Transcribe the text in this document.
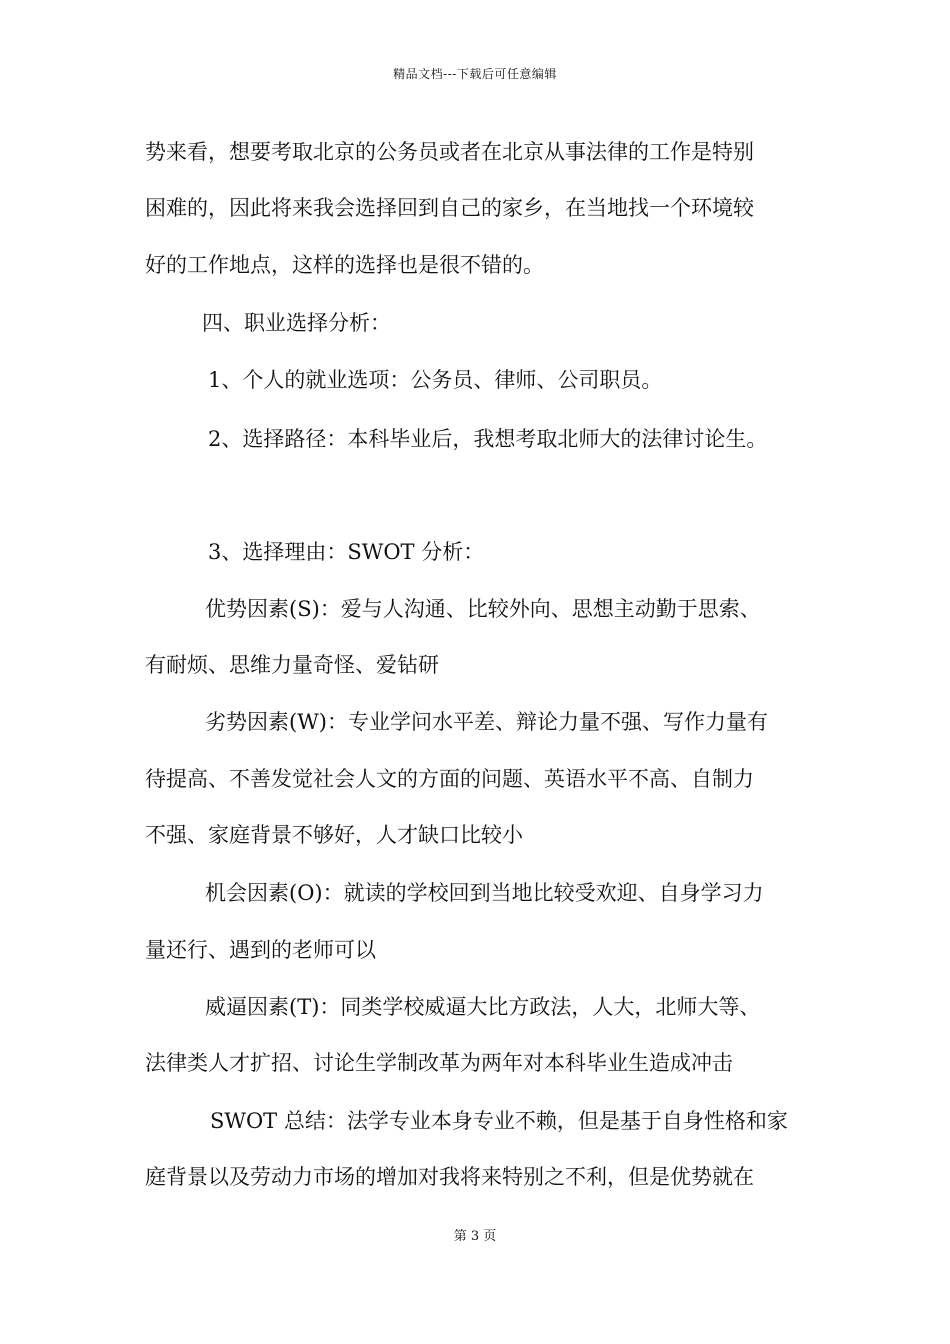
精品文档---下载后可任意编辑
势来看，想要考取北京的公务员或者在北京从事法律的工作是特别
困难的，因此将来我会选择回到自己的家乡，在当地找一个环境较
好的工作地点，这样的选择也是很不错的。
四、职业选择分析：
1、个人的就业选项：公务员、律师、公司职员。
2、选择路径：本科毕业后，我想考取北师大的法律讨论生。
3、选择理由：SWOT 分析：
优势因素(S)：爱与人沟通、比较外向、思想主动勤于思索、
有耐烦、思维力量奇怪、爱钻研
劣势因素(W)：专业学问水平差、辩论力量不强、写作力量有
待提高、不善发觉社会人文的方面的问题、英语水平不高、自制力
不强、家庭背景不够好，人才缺口比较小
机会因素(O)：就读的学校回到当地比较受欢迎、自身学习力
量还行、遇到的老师可以
威逼因素(T)：同类学校威逼大比方政法，人大，北师大等、
法律类人才扩招、讨论生学制改革为两年对本科毕业生造成冲击
SWOT 总结：法学专业本身专业不赖，但是基于自身性格和家
庭背景以及劳动力市场的增加对我将来特别之不利，但是优势就在
第 3 页
